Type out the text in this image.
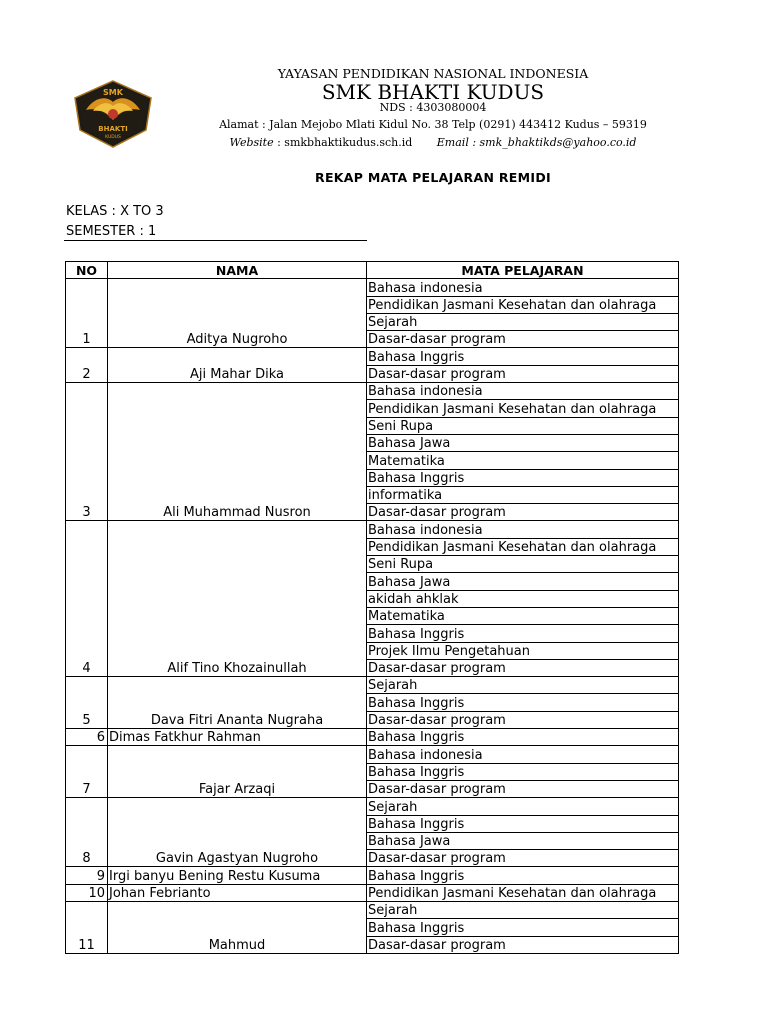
SMK
BHAKTI
KUDUS
YAYASAN PENDIDIKAN NASIONAL INDONESIA
SMK BHAKTI KUDUS
NDS : 4303080004
Alamat : Jalan Mejobo Mlati Kidul No. 38 Telp (0291) 443412 Kudus – 59319
Website : smkbhaktikudus.sch.id Email : smk_bhaktikds@yahoo.co.id
REKAP MATA PELAJARAN REMIDI
KELAS : X TO 3
SEMESTER : 1
NO	NAMA	MATA PELAJARAN
1	Aditya Nugroho	Bahasa indonesia
		Pendidikan Jasmani Kesehatan dan olahraga
		Sejarah
		Dasar-dasar program
2	Aji Mahar Dika	Bahasa Inggris
		Dasar-dasar program
3	Ali Muhammad Nusron	Bahasa indonesia
		Pendidikan Jasmani Kesehatan dan olahraga
		Seni Rupa
		Bahasa Jawa
		Matematika
		Bahasa Inggris
		informatika
		Dasar-dasar program
4	Alif Tino Khozainullah	Bahasa indonesia
		Pendidikan Jasmani Kesehatan dan olahraga
		Seni Rupa
		Bahasa Jawa
		akidah ahklak
		Matematika
		Bahasa Inggris
		Projek Ilmu Pengetahuan
		Dasar-dasar program
5	Dava Fitri Ananta Nugraha	Sejarah
		Bahasa Inggris
		Dasar-dasar program
6	Dimas Fatkhur Rahman	Bahasa Inggris
7	Fajar Arzaqi	Bahasa indonesia
		Bahasa Inggris
		Dasar-dasar program
8	Gavin Agastyan Nugroho	Sejarah
		Bahasa Inggris
		Bahasa Jawa
		Dasar-dasar program
9	Irgi banyu Bening Restu Kusuma	Bahasa Inggris
10	Johan Febrianto	Pendidikan Jasmani Kesehatan dan olahraga
11	Mahmud	Sejarah
		Bahasa Inggris
		Dasar-dasar program
